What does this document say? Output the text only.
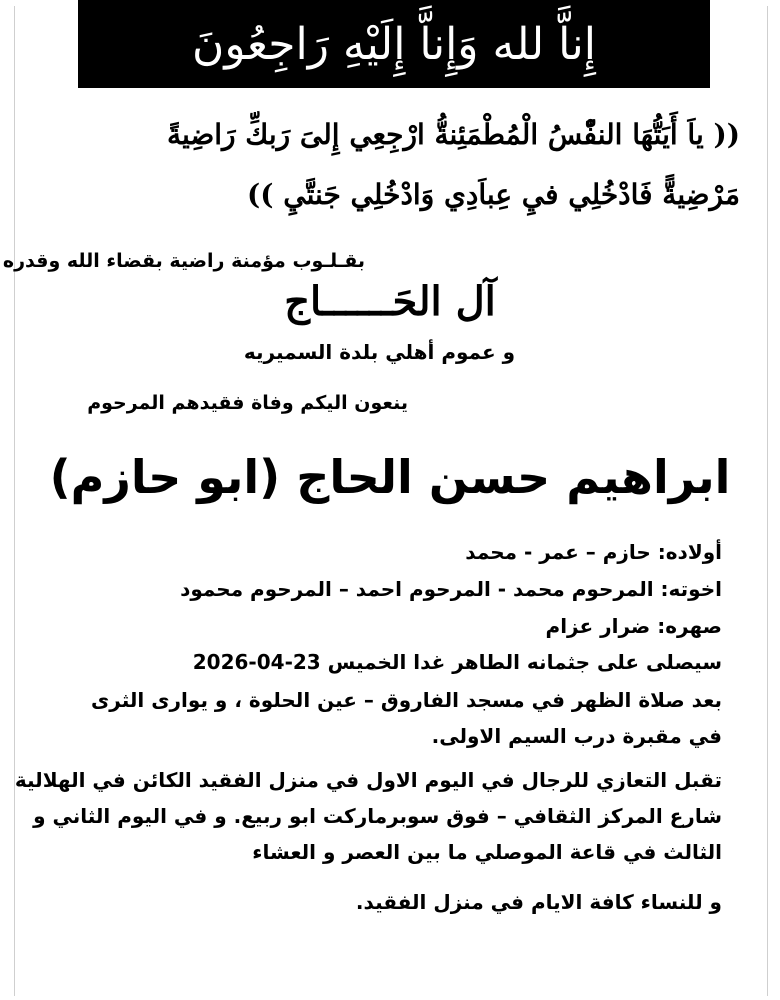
إِناَّ لله وَإِناَّ إِلَيْهِ رَاجِعُونَ
(( ياَ أَيَتُّهَا النفّْسُ الْمُطْمَئِنةُّ ارْجِعِي إِلىَ رَبكِّ رَاضِيةً
مَرْضِيةًّ فَادْخُلِي فيِ عِباَدِي وَادْخُلِي جَنتَّيِ ))
بقـلـوب مؤمنة راضية بقضاء الله وقدره
آل الحَــــــاج
و عموم أهلي بلدة السميريه
ينعون اليكم وفاة فقيدهم المرحوم
ابراهيم حسن الحاج (ابو حازم)
أولاده: حازم – عمر - محمد
اخوته: المرحوم محمد - المرحوم احمد – المرحوم محمود
صهره: ضرار عزام
سيصلى على جثمانه الطاهر غدا الخميس 23-04-2026
بعد صلاة الظهر في مسجد الفاروق – عين الحلوة ، و يوارى الثرى
في مقبرة درب السيم الاولى.
تقبل التعازي للرجال في اليوم الاول في منزل الفقيد الكائن في الهلالية
شارع المركز الثقافي – فوق سوبرماركت ابو ربيع. و في اليوم الثاني و
الثالث في قاعة الموصلي ما بين العصر و العشاء
و للنساء كافة الايام في منزل الفقيد.
